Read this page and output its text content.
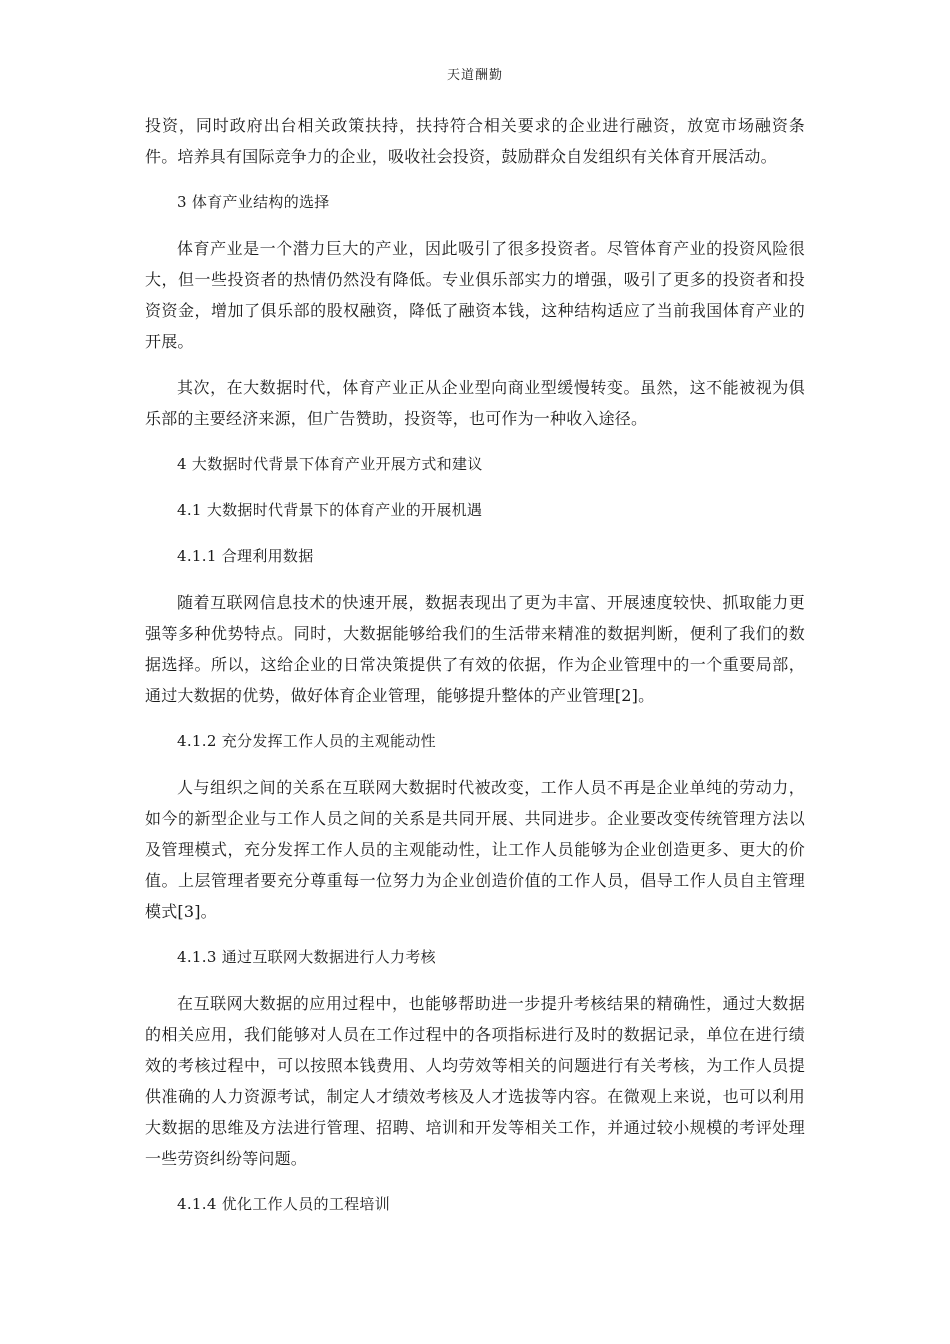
天道酬勤

投资，同时政府出台相关政策扶持，扶持符合相关要求的企业进行融资，放宽市场融资条件。培养具有国际竞争力的企业，吸收社会投资，鼓励群众自发组织有关体育开展活动。

3 体育产业结构的选择

体育产业是一个潜力巨大的产业，因此吸引了很多投资者。尽管体育产业的投资风险很大，但一些投资者的热情仍然没有降低。专业俱乐部实力的增强，吸引了更多的投资者和投资资金，增加了俱乐部的股权融资，降低了融资本钱，这种结构适应了当前我国体育产业的开展。

其次，在大数据时代，体育产业正从企业型向商业型缓慢转变。虽然，这不能被视为俱乐部的主要经济来源，但广告赞助，投资等，也可作为一种收入途径。

4 大数据时代背景下体育产业开展方式和建议
4.1 大数据时代背景下的体育产业的开展机遇
4.1.1 合理利用数据

随着互联网信息技术的快速开展，数据表现出了更为丰富、开展速度较快、抓取能力更强等多种优势特点。同时，大数据能够给我们的生活带来精准的数据判断，便利了我们的数据选择。所以，这给企业的日常决策提供了有效的依据，作为企业管理中的一个重要局部，通过大数据的优势，做好体育企业管理，能够提升整体的产业管理[2]。

4.1.2 充分发挥工作人员的主观能动性

人与组织之间的关系在互联网大数据时代被改变，工作人员不再是企业单纯的劳动力，如今的新型企业与工作人员之间的关系是共同开展、共同进步。企业要改变传统管理方法以及管理模式，充分发挥工作人员的主观能动性，让工作人员能够为企业创造更多、更大的价值。上层管理者要充分尊重每一位努力为企业创造价值的工作人员，倡导工作人员自主管理模式[3]。

4.1.3 通过互联网大数据进行人力考核

在互联网大数据的应用过程中，也能够帮助进一步提升考核结果的精确性，通过大数据的相关应用，我们能够对人员在工作过程中的各项指标进行及时的数据记录，单位在进行绩效的考核过程中，可以按照本钱费用、人均劳效等相关的问题进行有关考核，为工作人员提供准确的人力资源考试，制定人才绩效考核及人才选拔等内容。在微观上来说，也可以利用大数据的思维及方法进行管理、招聘、培训和开发等相关工作，并通过较小规模的考评处理一些劳资纠纷等问题。

4.1.4 优化工作人员的工程培训
